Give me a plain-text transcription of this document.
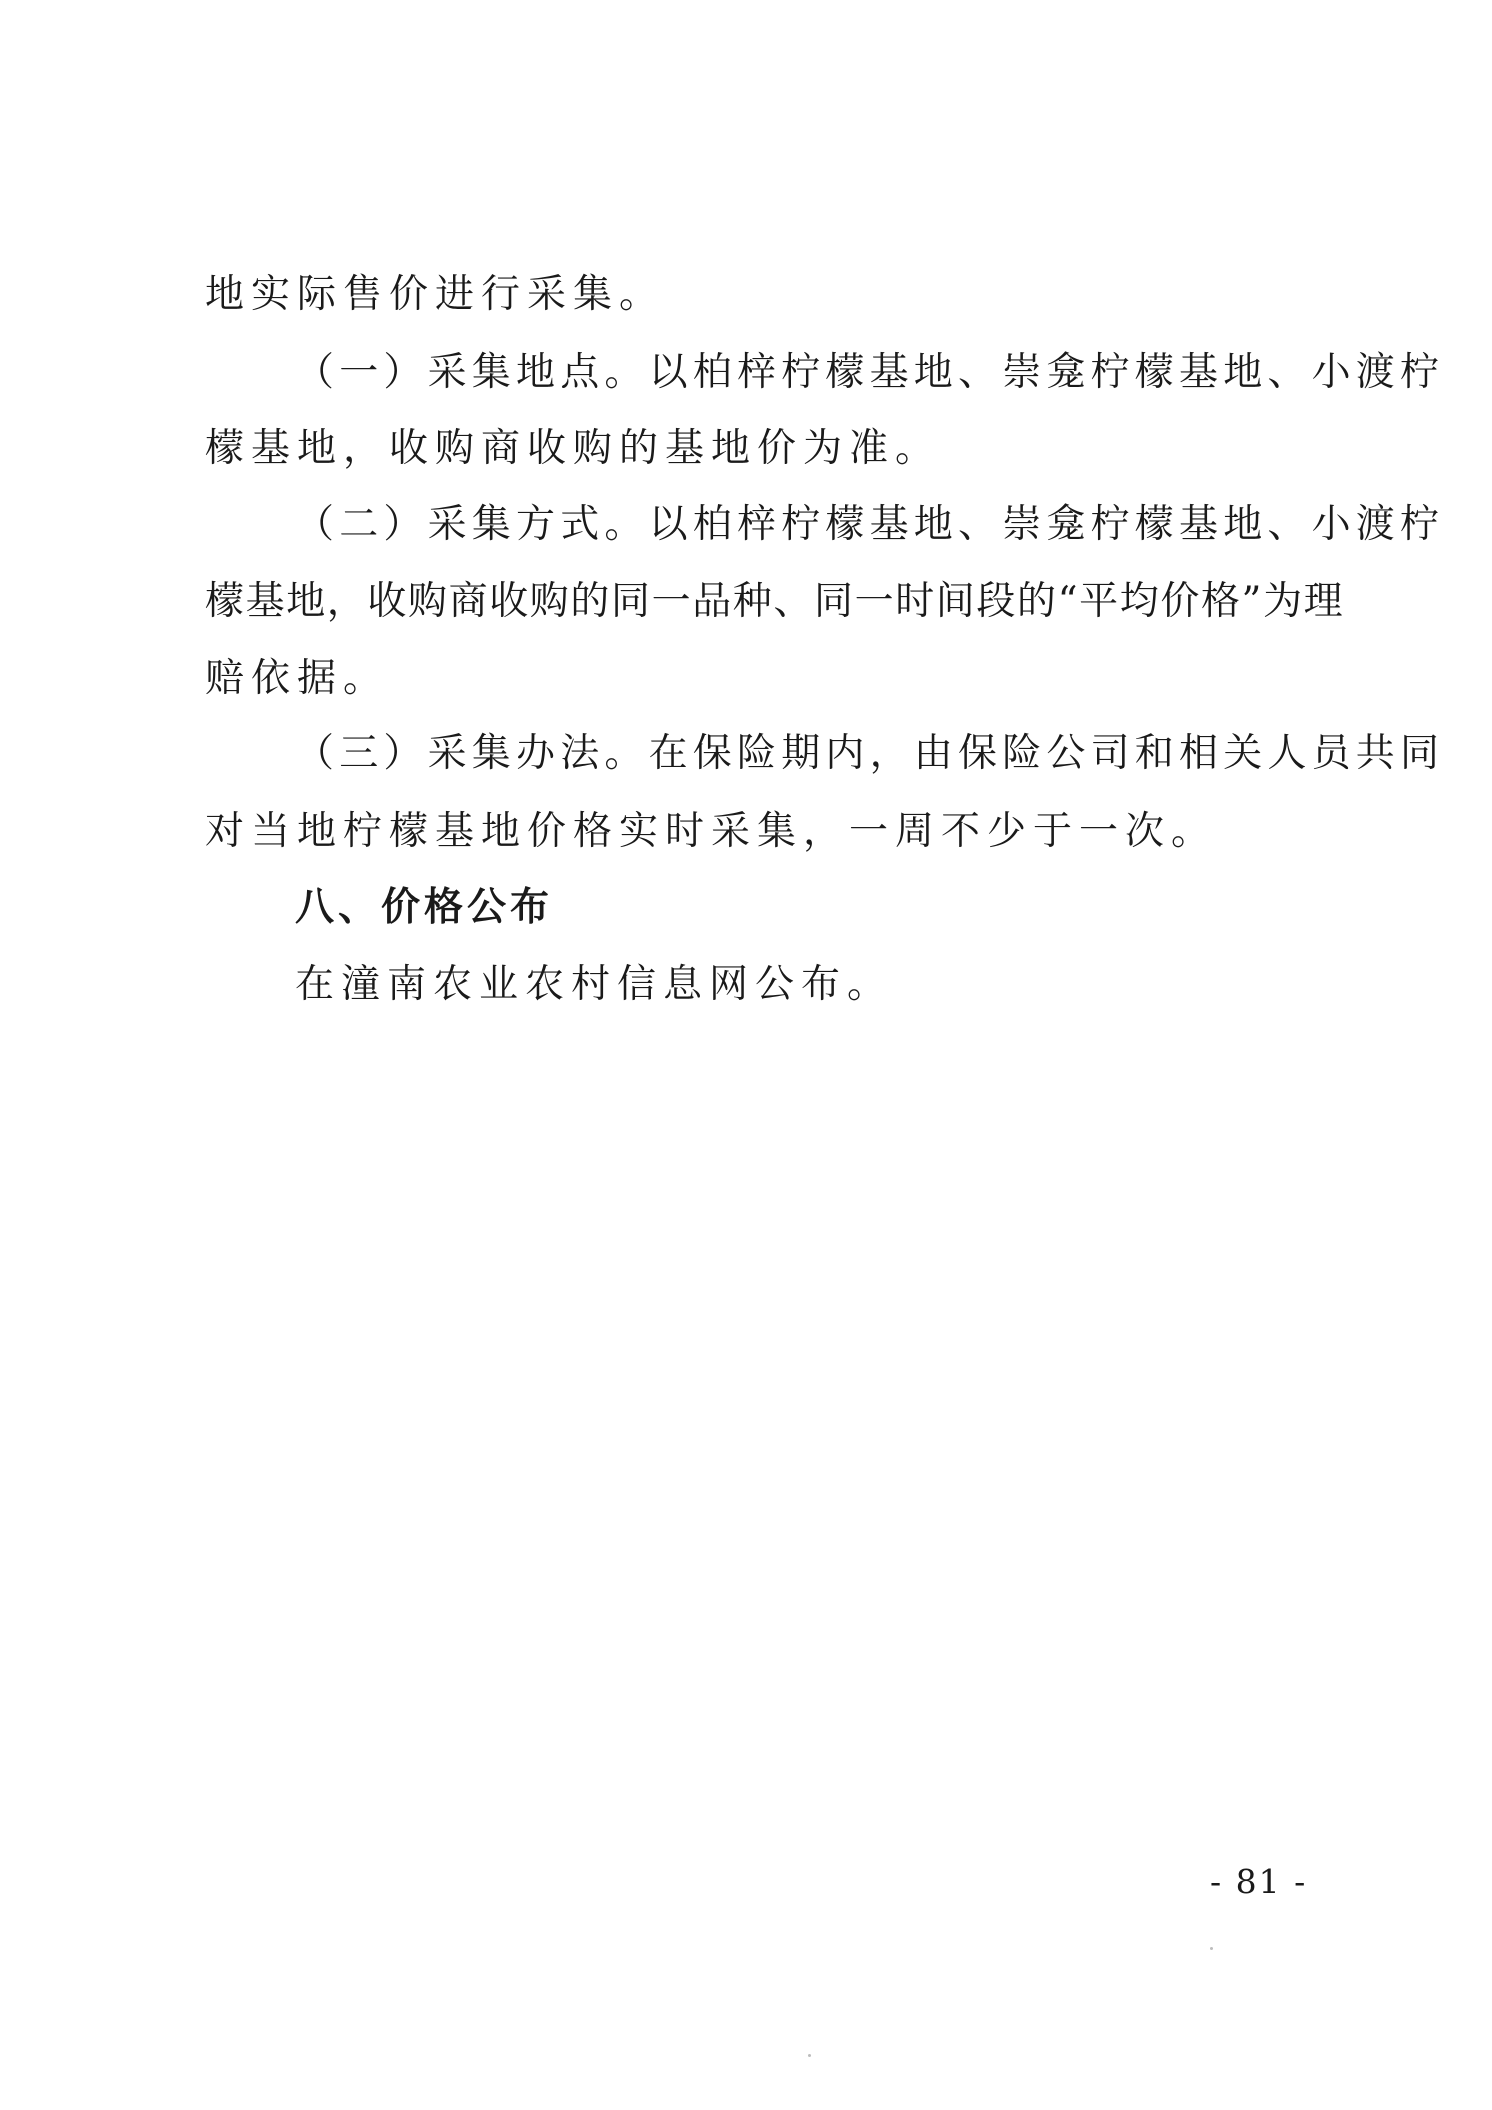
地实际售价进行采集。
（一）采集地点。以柏梓柠檬基地、崇龛柠檬基地、小渡柠
檬基地，收购商收购的基地价为准。
（二）采集方式。以柏梓柠檬基地、崇龛柠檬基地、小渡柠
檬基地，收购商收购的同一品种、同一时间段的“平均价格”为理
赔依据。
（三）采集办法。在保险期内，由保险公司和相关人员共同
对当地柠檬基地价格实时采集，一周不少于一次。
八、价格公布
在潼南农业农村信息网公布。
- 81 -
